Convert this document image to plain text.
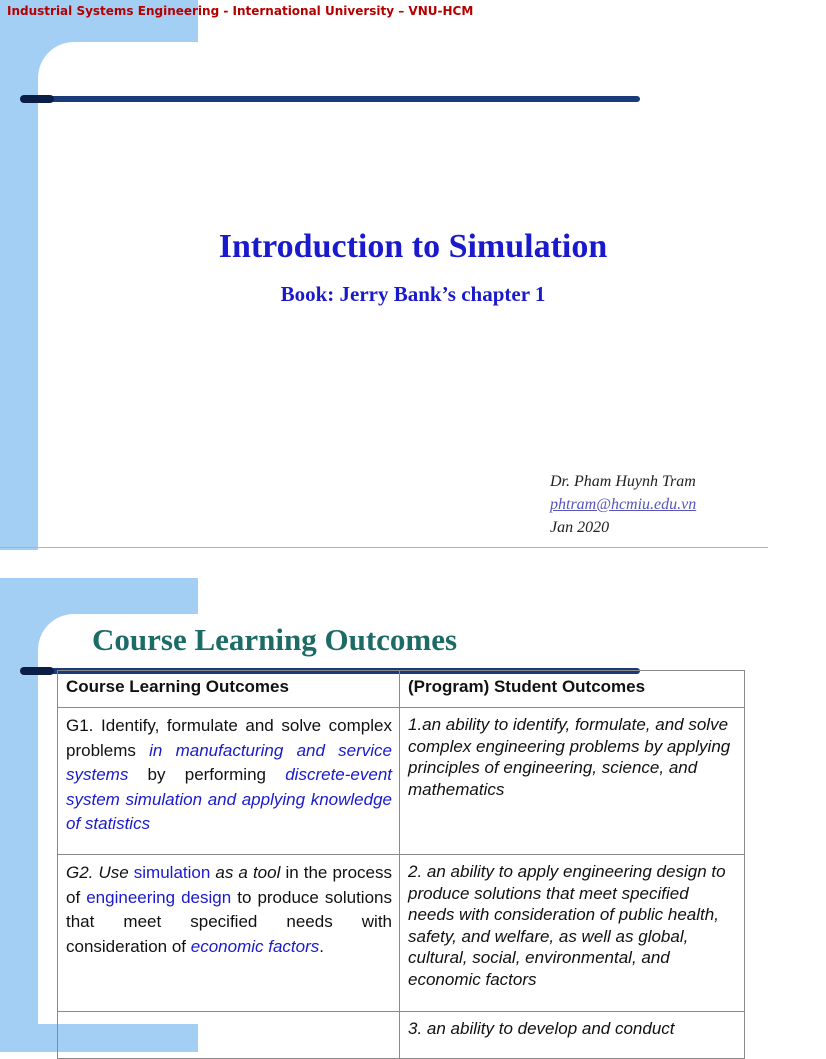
Industrial Systems Engineering - International University – VNU-HCM
Introduction to Simulation
Book: Jerry Bank’s chapter 1
Dr. Pham Huynh Tram
phtram@hcmiu.edu.vn
Jan 2020
Course Learning Outcomes
Course Learning Outcomes	(Program) Student Outcomes
G1. Identify, formulate and solve complex problems in manufacturing and service systems by performing discrete-event system simulation and applying knowledge of statistics	1.an ability to identify, formulate, and solve complex engineering problems by applying principles of engineering, science, and mathematics
G2. Use simulation as a tool in the process of engineering design to produce solutions that meet specified needs with consideration of economic factors.	2. an ability to apply engineering design to produce solutions that meet specified needs with consideration of public health, safety, and welfare, as well as global, cultural, social, environmental, and economic factors
	3. an ability to develop and conduct
